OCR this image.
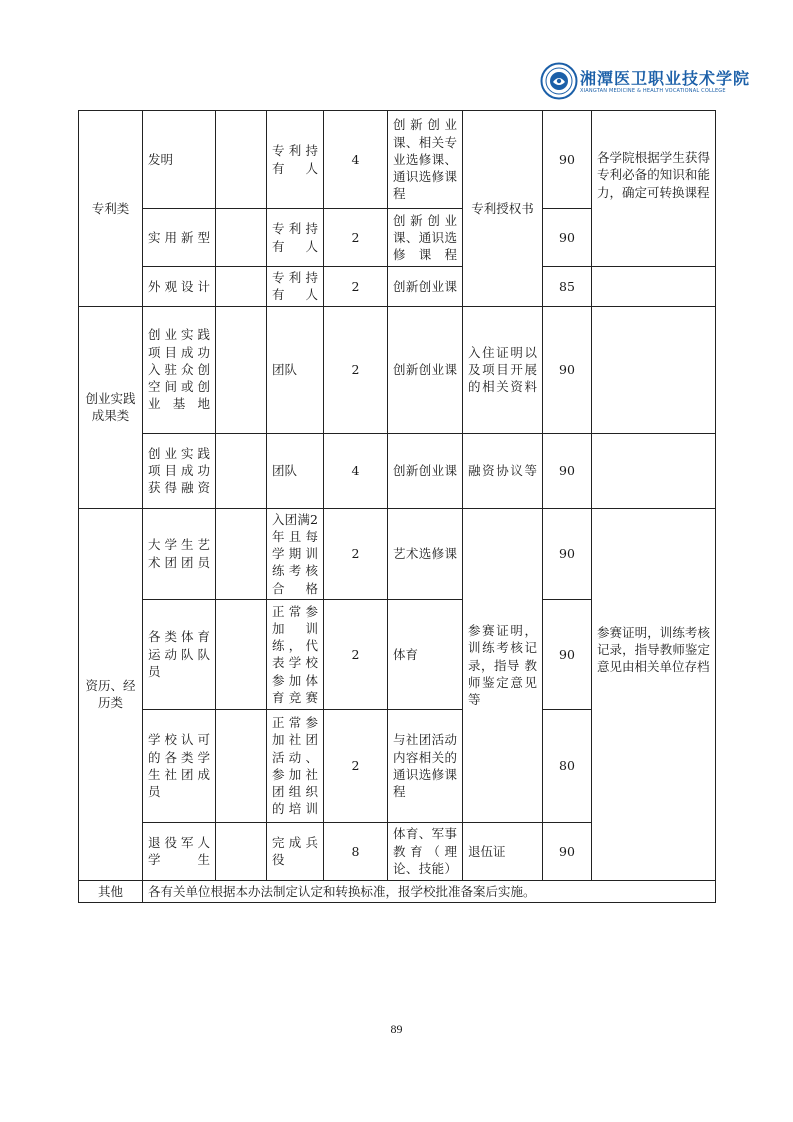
湘潭医卫职业技术学院
XIANGTAN MEDICINE & HEALTH VOCATIONAL COLLEGE
专利类	发明		专利持有人	4	创新创业课、相关专业选修课、通识选修课程	专利授权书	90	各学院根据学生获得专利必备的知识和能力，确定可转换课程
	实用新型		专利持有人	2	创新创业课、通识选修课程		90	
	外观设计		专利持有人	2	创新创业课		85	
创业实践成果类	创业实践项目成功入驻众创空间或创业基地		团队	2	创新创业课	入住证明以及项目开展的相关资料	90	
	创业实践项目成功获得融资		团队	4	创新创业课	融资协议等	90	
资历、经历类	大学生艺术团团员		入团满2年且每学期训练考核合格	2	艺术选修课	参赛证明，训练考核记录，指导 教师鉴定意见等	90	参赛证明，训练考核记录，指导教师鉴定意见由相关单位存档
	各类体育运动队队员		正常参加训练，代表学校参加体育竞赛	2	体育		90	
	学校认可的各类学生社团成员		正常参加社团活动、参加社团组织的培训	2	与社团活动内容相关的通识选修课程		80	
	退役军人学生		完成兵役	8	体育、军事教育（理论、技能）	退伍证	90	
其他	各有关单位根据本办法制定认定和转换标准，报学校批准备案后实施。							
89
